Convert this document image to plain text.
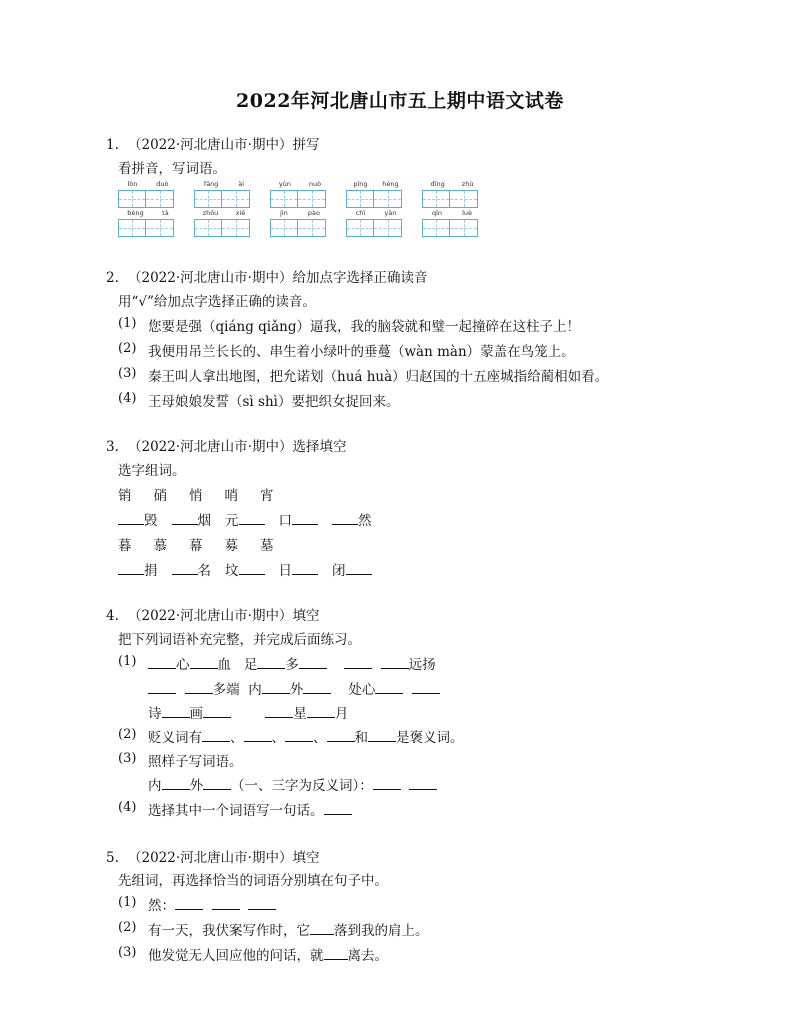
2022年河北唐山市五上期中语文试卷
1. （2022·河北唐山市·期中）拼写
看拼音，写词语。
lòn	duò	fāng	ài	yùn	nuò	píng héng	dīng	zhù
bèng	tà	zhōu	xiē	jìn	pào	chì	yàn	qīn	luè
2. （2022·河北唐山市·期中）给加点字选择正确读音
用“√”给加点字选择正确的读音。
(1) 您要是强（qiáng qiǎng）逼我，我的脑袋就和璧一起撞碎在这柱子上！
(2) 我便用吊兰长长的、串生着小绿叶的垂蔓（wàn màn）蒙盖在鸟笼上。
(3) 秦王叫人拿出地图，把允诺划（huá huà）归赵国的十五座城指给蔺相如看。
(4) 王母娘娘发誓（sì shì）要把织女捉回来。
3. （2022·河北唐山市·期中）选择填空
选字组词。
销 硝 悄 哨 宵
毁	烟 元	口	然
暮 慕 幕 募 墓
捐	名 坟	日	闭
4. （2022·河北唐山市·期中）填空
把下列词语补充完整，并完成后面练习。
(1)	心 血 足 多	远扬
多端 内 外	处心
诗 画	星 月
(2) 贬义词有 、 、 、 和 是褒义词。
(3) 照样子写词语。
内 外 （一、三字为反义词）：
(4) 选择其中一个词语写一句话。
5. （2022·河北唐山市·期中）填空
先组词，再选择恰当的词语分别填在句子中。
(1) 然：
(2) 有一天，我伏案写作时，它 落到我的肩上。
(3) 他发觉无人回应他的问话，就 离去。
